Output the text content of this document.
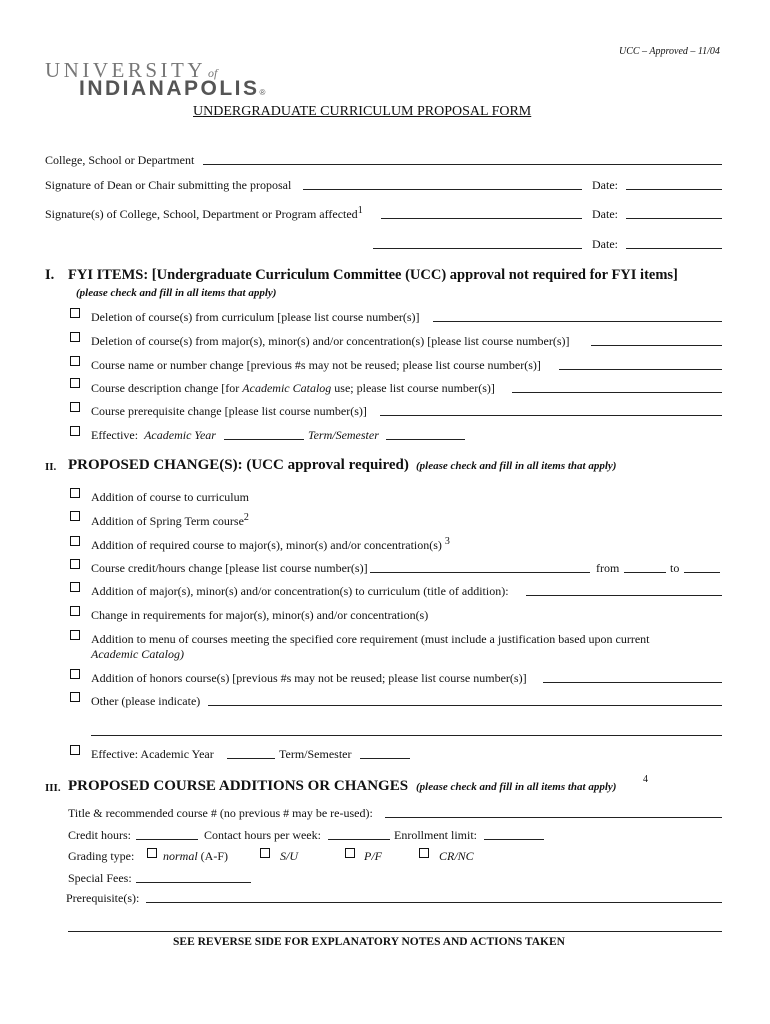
UCC – Approved – 11/04
UNIVERSITY of
INDIANAPOLIS®
UNDERGRADUATE CURRICULUM PROPOSAL FORM
College, School or Department
Signature of Dean or Chair submitting the proposal	Date:
Signature(s) of College, School, Department or Program affected$^1$	Date:
Date:
I. FYI ITEMS: [Undergraduate Curriculum Committee (UCC) approval not required for FYI items]
(please check and fill in all items that apply)
Deletion of course(s) from curriculum [please list course number(s)]
Deletion of course(s) from major(s), minor(s) and/or concentration(s) [please list course number(s)]
Course name or number change [previous #s may not be reused; please list course number(s)]
Course description change [for Academic Catalog use; please list course number(s)]
Course prerequisite change [please list course number(s)]
Effective: Academic Year	Term/Semester
II. PROPOSED CHANGE(S): (UCC approval required) (please check and fill in all items that apply)
Addition of course to curriculum
Addition of Spring Term course$^2$
Addition of required course to major(s), minor(s) and/or concentration(s) $^3$
Course credit/hours change [please list course number(s)]	from	to
Addition of major(s), minor(s) and/or concentration(s) to curriculum (title of addition):
Change in requirements for major(s), minor(s) and/or concentration(s)
Addition to menu of courses meeting the specified core requirement (must include a justification based upon current
Academic Catalog)
Addition of honors course(s) [previous #s may not be reused; please list course number(s)]
Other (please indicate)
Effective: Academic Year	Term/Semester
III. PROPOSED COURSE ADDITIONS OR CHANGES (please check and fill in all items that apply)
4
Title & recommended course # (no previous # may be re-used):
Credit hours:	Contact hours per week:	Enrollment limit:
Grading type: normal (A-F)	S/U	P/F	CR/NC
Special Fees:
Prerequisite(s):
SEE REVERSE SIDE FOR EXPLANATORY NOTES AND ACTIONS TAKEN
